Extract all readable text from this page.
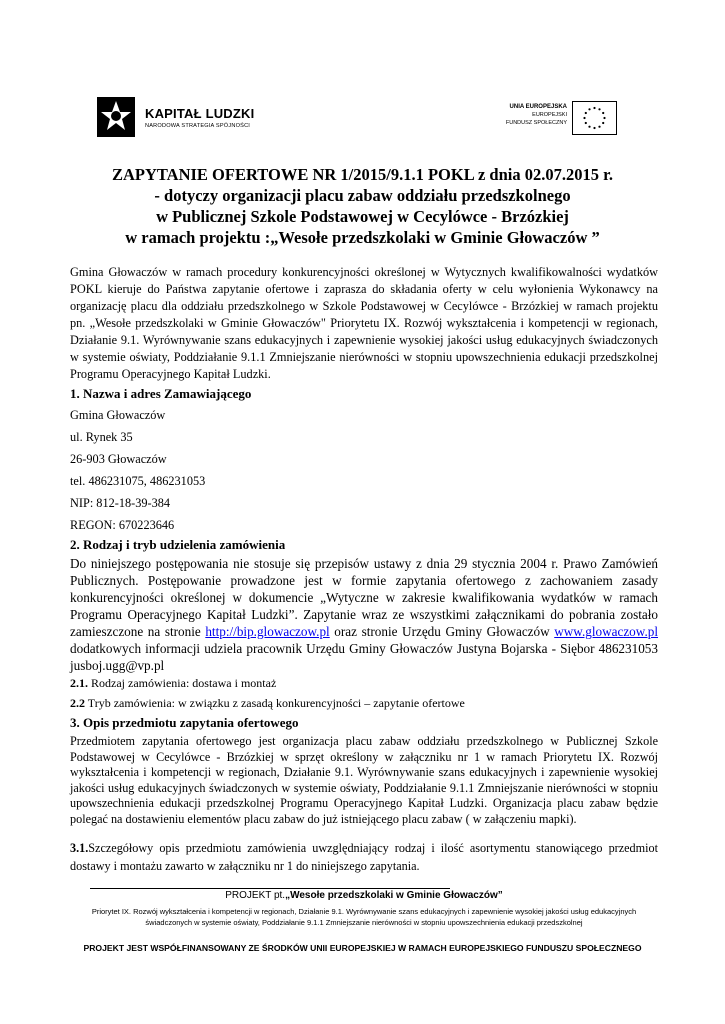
KAPITAŁ LUDZKI
NARODOWA STRATEGIA SPÓJNOŚCI
UNIA EUROPEJSKA
EUROPEJSKI
FUNDUSZ SPOŁECZNY
ZAPYTANIE OFERTOWE NR 1/2015/9.1.1 POKL z dnia 02.07.2015 r.
- dotyczy organizacji placu zabaw oddziału przedszkolnego
w Publicznej Szkole Podstawowej w Cecylówce - Brzózkiej
w ramach projektu :„Wesołe przedszkolaki w Gminie Głowaczów ”
Gmina Głowaczów w ramach procedury konkurencyjności określonej w Wytycznych kwalifikowalności wydatków POKL kieruje do Państwa zapytanie ofertowe i zaprasza do składania oferty w celu wyłonienia Wykonawcy na organizację placu dla oddziału przedszkolnego w Szkole Podstawowej w Cecylówce - Brzózkiej w ramach projektu pn. „Wesołe przedszkolaki w Gminie Głowaczów" Priorytetu IX. Rozwój wykształcenia i kompetencji w regionach, Działanie 9.1. Wyrównywanie szans edukacyjnych i zapewnienie wysokiej jakości usług edukacyjnych świadczonych w systemie oświaty, Poddziałanie 9.1.1 Zmniejszanie nierówności w stopniu upowszechnienia edukacji przedszkolnej Programu Operacyjnego Kapitał Ludzki.
1. Nazwa i adres Zamawiającego
Gmina Głowaczów
ul. Rynek 35
26-903 Głowaczów
tel. 486231075, 486231053
NIP: 812-18-39-384
REGON: 670223646
2. Rodzaj i tryb udzielenia zamówienia
Do niniejszego postępowania nie stosuje się przepisów ustawy z dnia 29 stycznia 2004 r. Prawo Zamówień Publicznych. Postępowanie prowadzone jest w formie zapytania ofertowego z zachowaniem zasady konkurencyjności określonej w dokumencie „Wytyczne w zakresie kwalifikowania wydatków w ramach Programu Operacyjnego Kapitał Ludzki”. Zapytanie wraz ze wszystkimi załącznikami do pobrania zostało zamieszczone na stronie http://bip.glowaczow.pl oraz stronie Urzędu Gminy Głowaczów www.glowaczow.pl dodatkowych informacji udziela pracownik Urzędu Gminy Głowaczów Justyna Bojarska - Siębor 486231053 jusboj.ugg@vp.pl
2.1. Rodzaj zamówienia: dostawa i montaż
2.2 Tryb zamówienia: w związku z zasadą konkurencyjności – zapytanie ofertowe
3. Opis przedmiotu zapytania ofertowego
Przedmiotem zapytania ofertowego jest organizacja placu zabaw oddziału przedszkolnego w Publicznej Szkole Podstawowej w Cecylówce - Brzózkiej w sprzęt określony w załączniku nr 1 w ramach Priorytetu IX. Rozwój wykształcenia i kompetencji w regionach, Działanie 9.1. Wyrównywanie szans edukacyjnych i zapewnienie wysokiej jakości usług edukacyjnych świadczonych w systemie oświaty, Poddziałanie 9.1.1 Zmniejszanie nierówności w stopniu upowszechnienia edukacji przedszkolnej Programu Operacyjnego Kapitał Ludzki. Organizacja placu zabaw będzie polegać na dostawieniu elementów placu zabaw do już istniejącego placu zabaw ( w załączeniu mapki).
3.1.Szczegółowy opis przedmiotu zamówienia uwzględniający rodzaj i ilość asortymentu stanowiącego przedmiot dostawy i montażu zawarto w załączniku nr 1 do niniejszego zapytania.
PROJEKT pt.„Wesołe przedszkolaki w Gminie Głowaczów”
Priorytet IX. Rozwój wykształcenia i kompetencji w regionach, Działanie 9.1. Wyrównywanie szans edukacyjnych i zapewnienie wysokiej jakości usług edukacyjnych świadczonych w systemie oświaty, Poddziałanie 9.1.1 Zmniejszanie nierówności w stopniu upowszechnienia edukacji przedszkolnej
PROJEKT JEST WSPÓŁFINANSOWANY ZE ŚRODKÓW UNII EUROPEJSKIEJ W RAMACH EUROPEJSKIEGO FUNDUSZU SPOŁECZNEGO
